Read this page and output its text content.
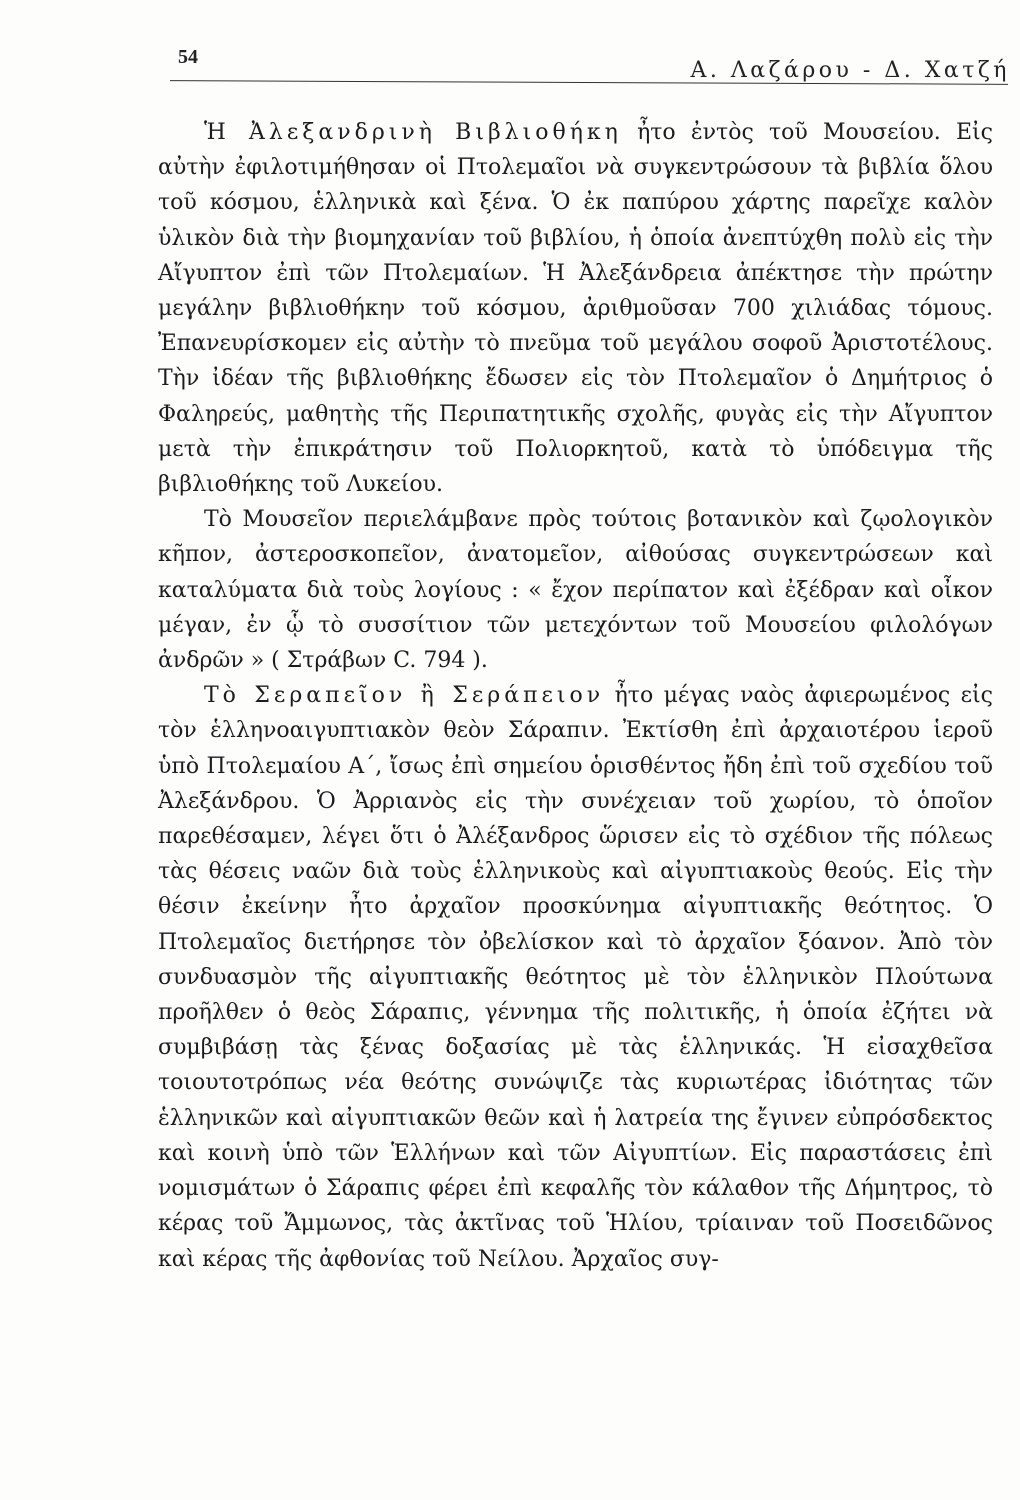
54
Α. Λαζάρου - Δ. Χατζή

Ἡ Ἀλεξανδρινὴ Βιβλιοθήκη ἦτο ἐντὸς τοῦ Μουσείου. Εἰς αὐτὴν ἐφιλοτιμήθησαν οἱ Πτολεμαῖοι νὰ συγκεντρώσουν τὰ βιβλία ὅλου τοῦ κόσμου, ἑλληνικὰ καὶ ξένα. Ὁ ἐκ παπύρου χάρτης παρεῖχε καλὸν ὑλικὸν διὰ τὴν βιομηχανίαν τοῦ βιβλίου, ἡ ὁποία ἀνεπτύχθη πολὺ εἰς τὴν Αἴγυπτον ἐπὶ τῶν Πτολεμαίων. Ἡ Ἀλεξάνδρεια ἀπέκτησε τὴν πρώτην μεγάλην βιβλιοθήκην τοῦ κόσμου, ἀριθμοῦσαν 700 χιλιάδας τόμους. Ἐπανευρίσκομεν εἰς αὐτὴν τὸ πνεῦμα τοῦ μεγάλου σοφοῦ Ἀριστοτέλους. Τὴν ἰδέαν τῆς βιβλιοθήκης ἔδωσεν εἰς τὸν Πτολεμαῖον ὁ Δημήτριος ὁ Φαληρεύς, μαθητὴς τῆς Περιπατητικῆς σχολῆς, φυγὰς εἰς τὴν Αἴγυπτον μετὰ τὴν ἐπικράτησιν τοῦ Πολιορκητοῦ, κατὰ τὸ ὑπόδειγμα τῆς βιβλιοθήκης τοῦ Λυκείου.

Τὸ Μουσεῖον περιελάμβανε πρὸς τούτοις βοτανικὸν καὶ ζῳολογικὸν κῆπον, ἀστεροσκοπεῖον, ἀνατομεῖον, αἰθούσας συγκεντρώσεων καὶ καταλύματα διὰ τοὺς λογίους : « ἔχον περίπατον καὶ ἐξέδραν καὶ οἶκον μέγαν, ἐν ᾧ τὸ συσσίτιον τῶν μετεχόντων τοῦ Μουσείου φιλολόγων ἀνδρῶν » ( Στράβων C. 794 ).

Τὸ Σεραπεῖον ἢ Σεράπειον ἦτο μέγας ναὸς ἀφιερωμένος εἰς τὸν ἑλληνοαιγυπτιακὸν θεὸν Σάραπιν. Ἐκτίσθη ἐπὶ ἀρχαιοτέρου ἱεροῦ ὑπὸ Πτολεμαίου Α΄, ἴσως ἐπὶ σημείου ὁρισθέντος ἤδη ἐπὶ τοῦ σχεδίου τοῦ Ἀλεξάνδρου. Ὁ Ἀρριανὸς εἰς τὴν συνέχειαν τοῦ χωρίου, τὸ ὁποῖον παρεθέσαμεν, λέγει ὅτι ὁ Ἀλέξανδρος ὥρισεν εἰς τὸ σχέδιον τῆς πόλεως τὰς θέσεις ναῶν διὰ τοὺς ἑλληνικοὺς καὶ αἰγυπτιακοὺς θεούς. Εἰς τὴν θέσιν ἐκείνην ἦτο ἀρχαῖον προσκύνημα αἰγυπτιακῆς θεότητος. Ὁ Πτολεμαῖος διετήρησε τὸν ὀβελίσκον καὶ τὸ ἀρχαῖον ξόανον. Ἀπὸ τὸν συνδυασμὸν τῆς αἰγυπτιακῆς θεότητος μὲ τὸν ἑλληνικὸν Πλούτωνα προῆλθεν ὁ θεὸς Σάραπις, γέννημα τῆς πολιτικῆς, ἡ ὁποία ἐζήτει νὰ συμβιβάσῃ τὰς ξένας δοξασίας μὲ τὰς ἑλληνικάς. Ἡ εἰσαχθεῖσα τοιουτοτρόπως νέα θεότης συνώψιζε τὰς κυριωτέρας ἰδιότητας τῶν ἑλληνικῶν καὶ αἰγυπτιακῶν θεῶν καὶ ἡ λατρεία της ἔγινεν εὐπρόσδεκτος καὶ κοινὴ ὑπὸ τῶν Ἑλλήνων καὶ τῶν Αἰγυπτίων. Εἰς παραστάσεις ἐπὶ νομισμάτων ὁ Σάραπις φέρει ἐπὶ κεφαλῆς τὸν κάλαθον τῆς Δήμητρος, τὸ κέρας τοῦ Ἄμμωνος, τὰς ἀκτῖνας τοῦ Ἡλίου, τρίαιναν τοῦ Ποσειδῶνος καὶ κέρας τῆς ἀφθονίας τοῦ Νείλου. Ἀρχαῖος συγ-
